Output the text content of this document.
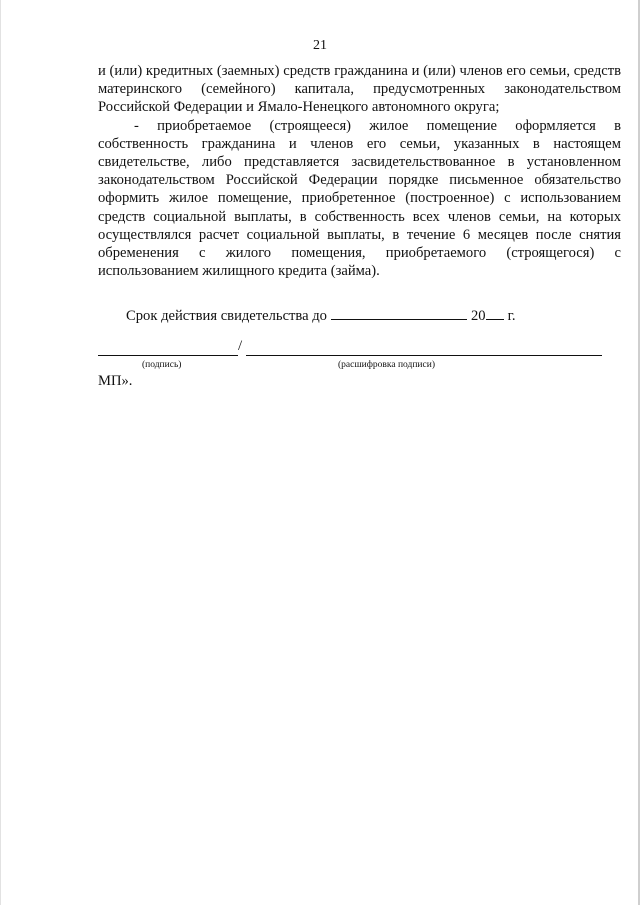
21

и (или) кредитных (заемных) средств гражданина и (или) членов его семьи, средств материнского (семейного) капитала, предусмотренных законодательством Российской Федерации и Ямало-Ненецкого автономного округа;

- приобретаемое (строящееся) жилое помещение оформляется в собственность гражданина и членов его семьи, указанных в настоящем свидетельстве, либо представляется засвидетельствованное в установленном законодательством Российской Федерации порядке письменное обязательство оформить жилое помещение, приобретенное (построенное) с использованием средств социальной выплаты, в собственность всех членов семьи, на которых осуществлялся расчет социальной выплаты, в течение 6 месяцев после снятия обременения с жилого помещения, приобретаемого (строящегося) с использованием жилищного кредита (займа).

Срок действия свидетельства до	20 г.
/
(подпись)	(расшифровка подписи)
МП».
